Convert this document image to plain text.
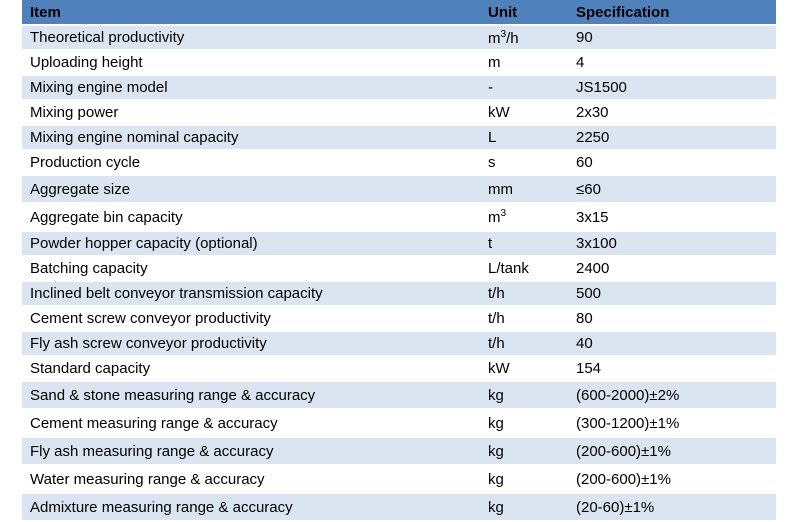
Item	Unit	Specification
Theoretical productivity	$m^3/h$	90
Uploading height	m	4
Mixing engine model	-	JS1500
Mixing power	kW	2x30
Mixing engine nominal capacity	L	2250
Production cycle	s	60
Aggregate size	mm	≤60
Aggregate bin capacity	$m^3$	3x15
Powder hopper capacity (optional)	t	3x100
Batching capacity	L/tank	2400
Inclined belt conveyor transmission capacity	t/h	500
Cement screw conveyor productivity	t/h	80
Fly ash screw conveyor productivity	t/h	40
Standard capacity	kW	154
Sand & stone measuring range & accuracy	kg	(600-2000)±2%
Cement measuring range & accuracy	kg	(300-1200)±1%
Fly ash measuring range & accuracy	kg	(200-600)±1%
Water measuring range & accuracy	kg	(200-600)±1%
Admixture measuring range & accuracy	kg	(20-60)±1%
